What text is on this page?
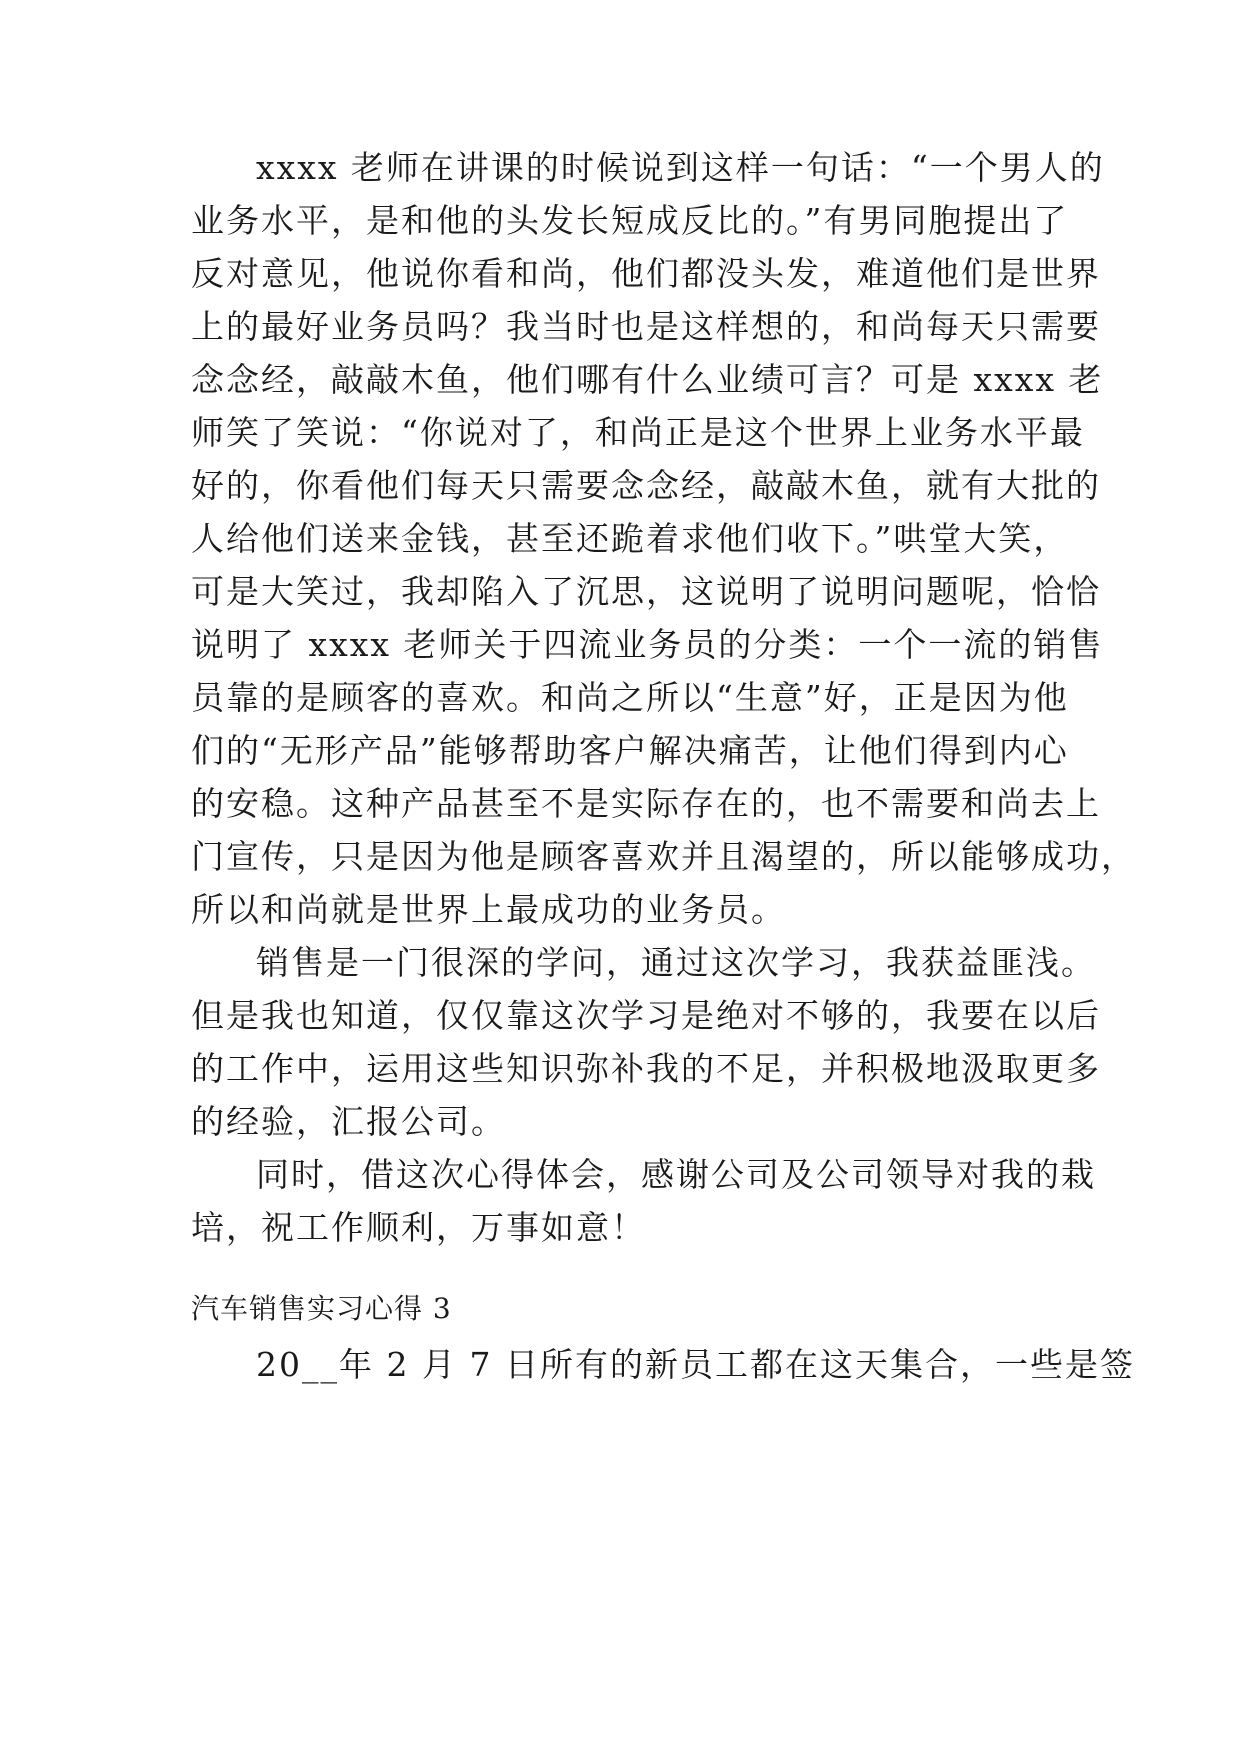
xxxx 老师在讲课的时候说到这样一句话：“一个男人的
业务水平，是和他的头发长短成反比的。”有男同胞提出了
反对意见，他说你看和尚，他们都没头发，难道他们是世界
上的最好业务员吗？我当时也是这样想的，和尚每天只需要
念念经，敲敲木鱼，他们哪有什么业绩可言？可是 xxxx 老
师笑了笑说：“你说对了，和尚正是这个世界上业务水平最
好的，你看他们每天只需要念念经，敲敲木鱼，就有大批的
人给他们送来金钱，甚至还跪着求他们收下。”哄堂大笑，
可是大笑过，我却陷入了沉思，这说明了说明问题呢，恰恰
说明了 xxxx 老师关于四流业务员的分类：一个一流的销售
员靠的是顾客的喜欢。和尚之所以“生意”好，正是因为他
们的“无形产品”能够帮助客户解决痛苦，让他们得到内心
的安稳。这种产品甚至不是实际存在的，也不需要和尚去上
门宣传，只是因为他是顾客喜欢并且渴望的，所以能够成功，
所以和尚就是世界上最成功的业务员。
销售是一门很深的学问，通过这次学习，我获益匪浅。
但是我也知道，仅仅靠这次学习是绝对不够的，我要在以后
的工作中，运用这些知识弥补我的不足，并积极地汲取更多
的经验，汇报公司。
同时，借这次心得体会，感谢公司及公司领导对我的栽
培，祝工作顺利，万事如意！
汽车销售实习心得 3
20__年 2 月 7 日所有的新员工都在这天集合，一些是签
